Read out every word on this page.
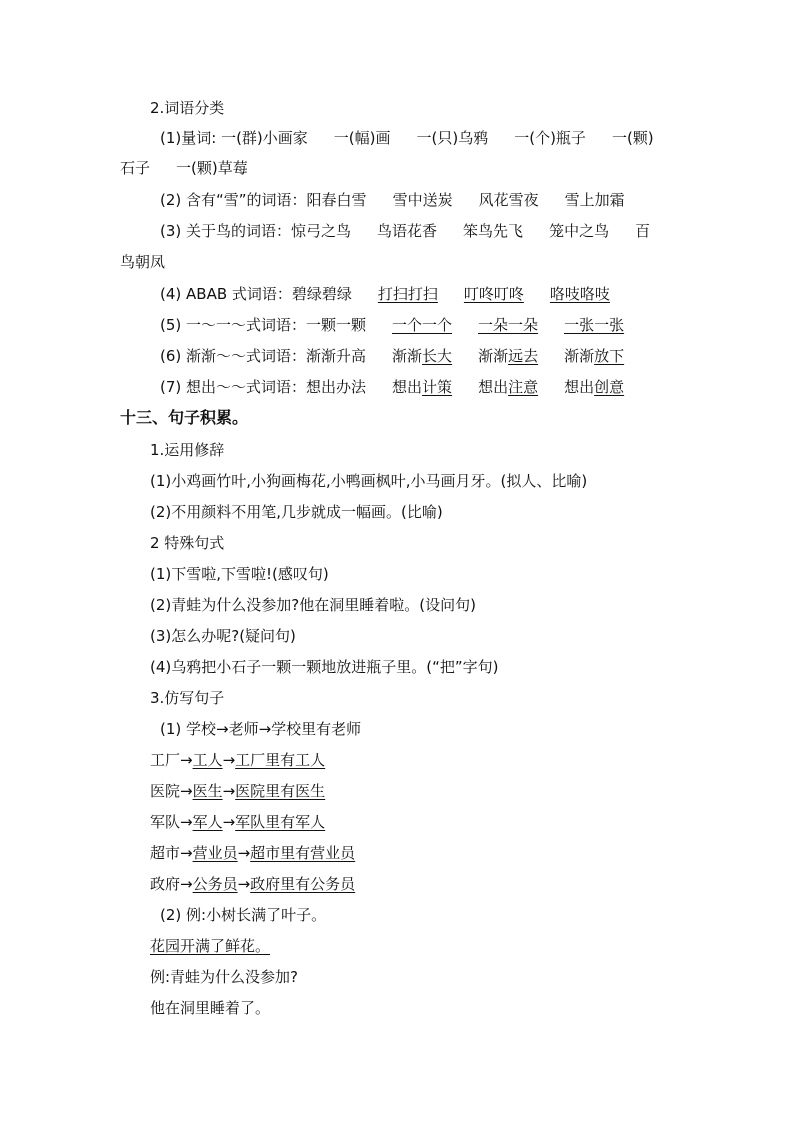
2.词语分类
(1)量词: 一(群)小画家 一(幅)画 一(只)乌鸦 一(个)瓶子 一(颗)
石子 一(颗)草莓
(2) 含有“雪”的词语：阳春白雪 雪中送炭 风花雪夜 雪上加霜
(3) 关于鸟的词语：惊弓之鸟 鸟语花香 笨鸟先飞 笼中之鸟 百
鸟朝凤
(4) ABAB 式词语：碧绿碧绿 打扫打扫 叮咚叮咚 咯吱咯吱
(5) 一～一～式词语：一颗一颗 一个一个 一朵一朵 一张一张
(6) 渐渐～～式词语：渐渐升高 渐渐长大 渐渐远去 渐渐放下
(7) 想出～～式词语：想出办法 想出计策 想出注意 想出创意
十三、句子积累。
1.运用修辞
(1)小鸡画竹叶,小狗画梅花,小鸭画枫叶,小马画月牙。(拟人、比喻)
(2)不用颜料不用笔,几步就成一幅画。(比喻)
2 特殊句式
(1)下雪啦,下雪啦!(感叹句)
(2)青蛙为什么没参加?他在洞里睡着啦。(设问句)
(3)怎么办呢?(疑问句)
(4)乌鸦把小石子一颗一颗地放进瓶子里。(“把”字句)
3.仿写句子
(1) 学校→老师→学校里有老师
工厂→工人→工厂里有工人
医院→医生→医院里有医生
军队→军人→军队里有军人
超市→营业员→超市里有营业员
政府→公务员→政府里有公务员
(2) 例:小树长满了叶子。
花园开满了鲜花。
例:青蛙为什么没参加?
他在洞里睡着了。
